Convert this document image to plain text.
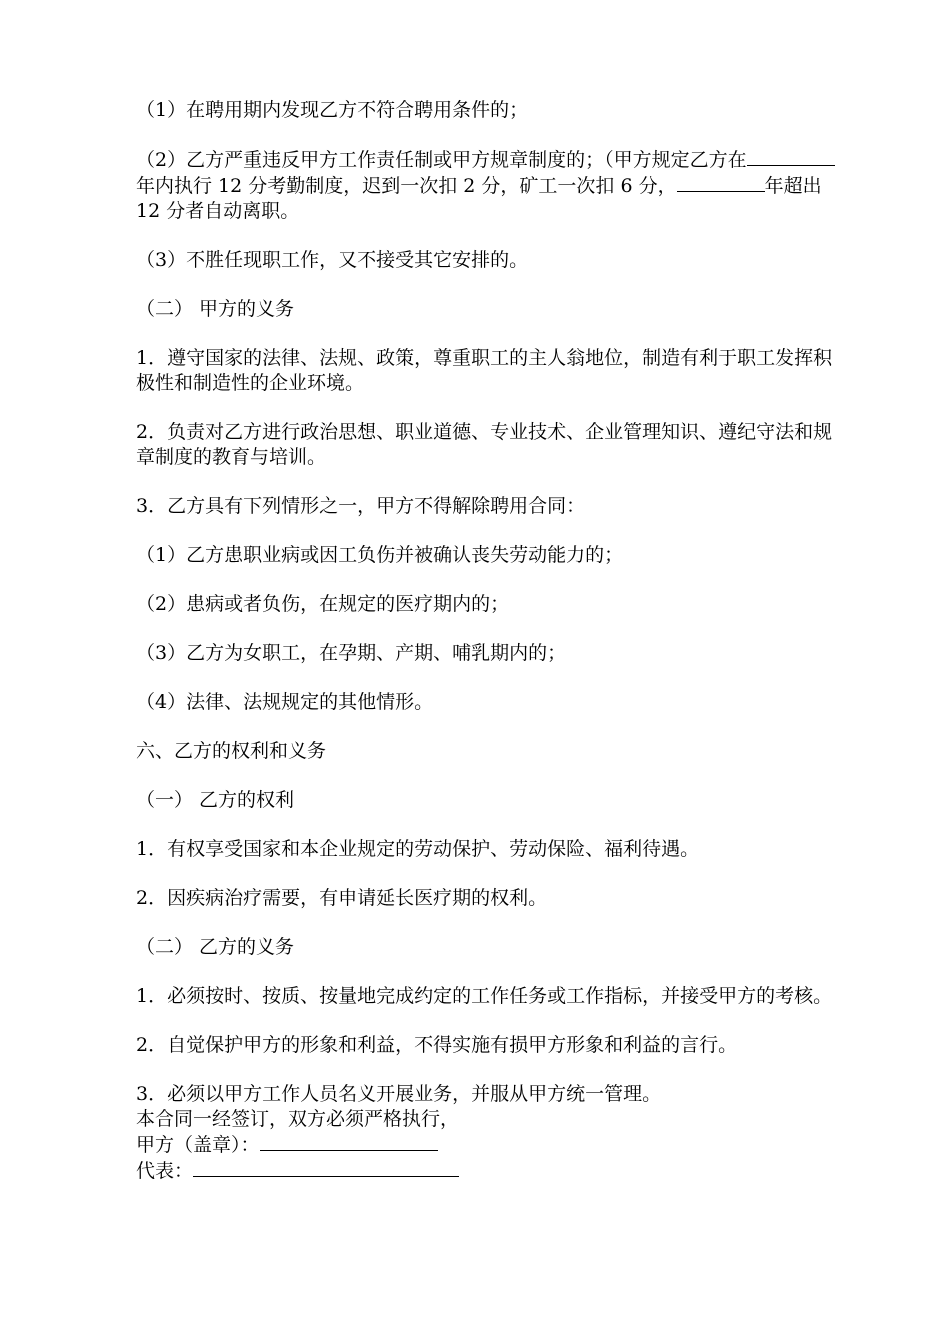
（1）在聘用期内发现乙方不符合聘用条件的；

（2）乙方严重违反甲方工作责任制或甲方规章制度的；（甲方规定乙方在年内执行 12 分考勤制度，迟到一次扣 2 分，矿工一次扣 6 分，	年超出 12 分者自动离职。

（3）不胜任现职工作，又不接受其它安排的。

（二） 甲方的义务

1．遵守国家的法律、法规、政策，尊重职工的主人翁地位，制造有利于职工发挥积极性和制造性的企业环境。

2．负责对乙方进行政治思想、职业道德、专业技术、企业管理知识、遵纪守法和规章制度的教育与培训。

3．乙方具有下列情形之一，甲方不得解除聘用合同：

（1）乙方患职业病或因工负伤并被确认丧失劳动能力的；

（2）患病或者负伤，在规定的医疗期内的；

（3）乙方为女职工，在孕期、产期、哺乳期内的；

（4）法律、法规规定的其他情形。

六、乙方的权利和义务

（一） 乙方的权利

1．有权享受国家和本企业规定的劳动保护、劳动保险、福利待遇。

2．因疾病治疗需要，有申请延长医疗期的权利。

（二） 乙方的义务

1．必须按时、按质、按量地完成约定的工作任务或工作指标，并接受甲方的考核。

2．自觉保护甲方的形象和利益，不得实施有损甲方形象和利益的言行。

3．必须以甲方工作人员名义开展业务，并服从甲方统一管理。
本合同一经签订，双方必须严格执行，
甲方（盖章）：
代表：
